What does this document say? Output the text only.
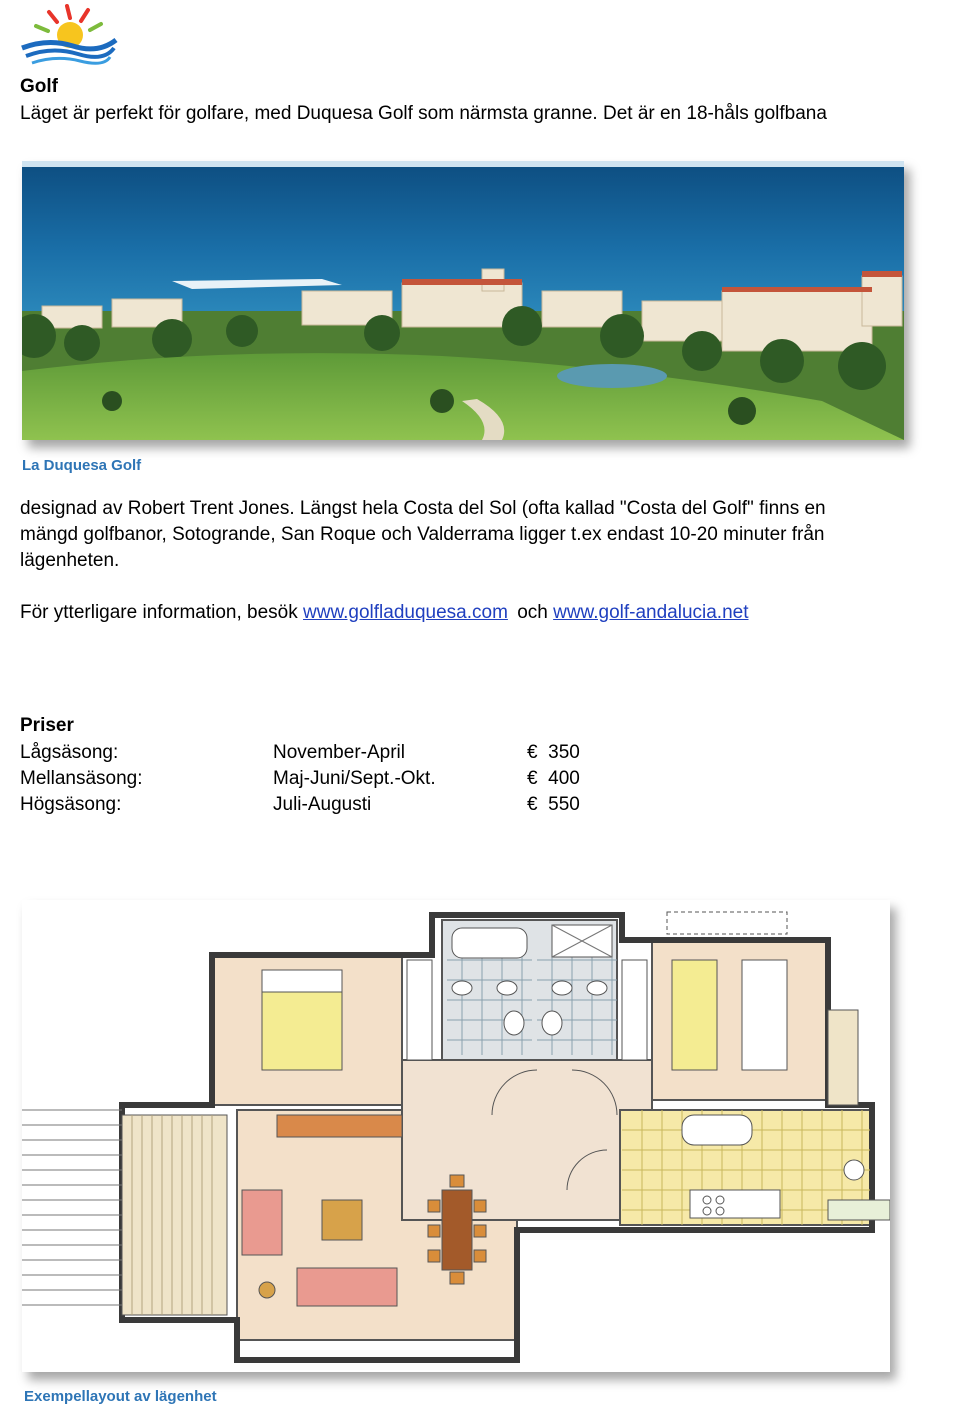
Golf
Läget är perfekt för golfare, med Duquesa Golf som närmsta granne. Det är en 18-håls golfbana
La Duquesa Golf
designad av Robert Trent Jones. Längst hela Costa del Sol (ofta kallad "Costa del Golf" finns en
mängd golfbanor, Sotogrande, San Roque och Valderrama ligger t.ex endast 10-20 minuter från
lägenheten.
För ytterligare information, besök www.golfladuquesa.com och www.golf-andalucia.net
Priser
Lågsäsong:	November-April	€  350
Mellansäsong:	Maj-Juni/Sept.-Okt.	€  400
Högsäsong:	Juli-Augusti	€  550
Exempellayout av lägenhet
